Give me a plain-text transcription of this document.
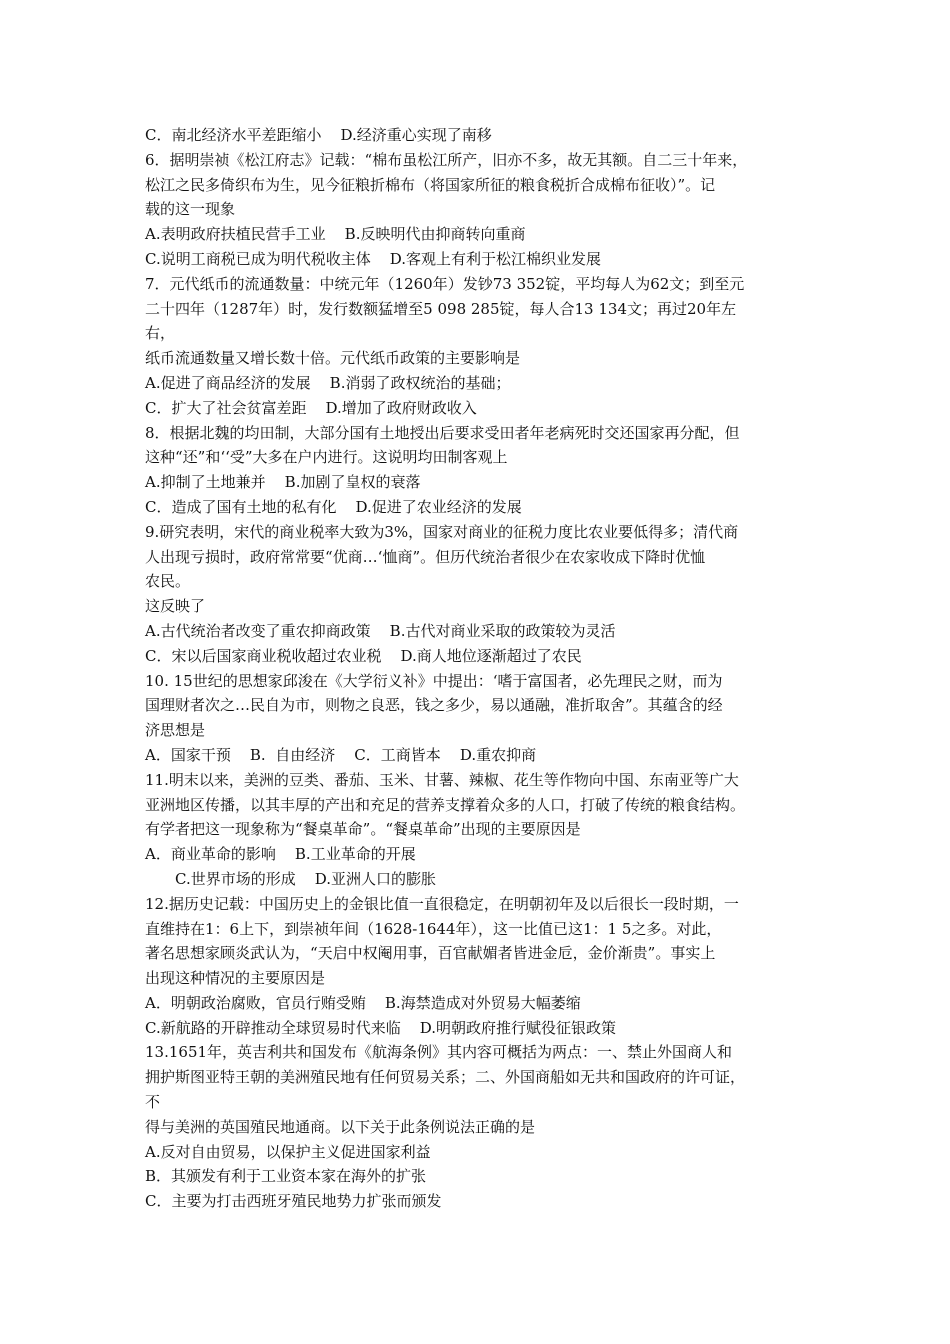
C．南北经济水平差距缩小    D.经济重心实现了南移
6．据明崇祯《松江府志》记载：“棉布虽松江所产，旧亦不多，故无其额。自二三十年来，
松江之民多倚织布为生，见今征粮折棉布（将国家所征的粮食税折合成棉布征收）”。记
载的这一现象
A.表明政府扶植民营手工业    B.反映明代由抑商转向重商
C.说明工商税已成为明代税收主体    D.客观上有利于松江棉织业发展
7．元代纸币的流通数量：中统元年（1260年）发钞73 352锭，平均每人为62文；到至元
二十四年（1287年）时，发行数额猛增至5 098 285锭，每人合13 134文；再过20年左
右，
纸币流通数量又增长数十倍。元代纸币政策的主要影响是
A.促进了商品经济的发展    B.消弱了政权统治的基础；
C．扩大了社会贫富差距    D.增加了政府财政收入
8．根据北魏的均田制，大部分国有土地授出后要求受田者年老病死时交还国家再分配，但
这种“还”和‘‘受”大多在户内进行。这说明均田制客观上
A.抑制了土地兼并    B.加剧了皇权的衰落
C．造成了国有土地的私有化    D.促进了农业经济的发展
9.研究表明，宋代的商业税率大致为3%，国家对商业的征税力度比农业要低得多；清代商
人出现亏损时，政府常常要“优商…‘恤商”。但历代统治者很少在农家收成下降时优恤
农民。
这反映了
A.古代统治者改变了重农抑商政策    B.古代对商业采取的政策较为灵活
C．宋以后国家商业税收超过农业税    D.商人地位逐渐超过了农民
10. 15世纪的思想家邱浚在《大学衍义补》中提出：‘嗜于富国者，必先理民之财，而为
国理财者次之…民自为市，则物之良恶，钱之多少，易以通融，准折取舍”。其蕴含的经
济思想是
A．国家干预    B.  自由经济    C．工商皆本    D.重农抑商
11.明末以来，美洲的豆类、番茄、玉米、甘薯、辣椒、花生等作物向中国、东南亚等广大
亚洲地区传播，以其丰厚的产出和充足的营养支撑着众多的人口，打破了传统的粮食结构。
有学者把这一现象称为“餐桌革命”。“餐桌革命”出现的主要原因是
A．商业革命的影响    B.工业革命的开展
C.世界市场的形成    D.亚洲人口的膨胀
12.据历史记载：中国历史上的金银比值一直很稳定，在明朝初年及以后很长一段时期，一
直维持在1：6上下，到崇祯年间（1628-1644年），这一比值已这1：1 5之多。对此，
著名思想家顾炎武认为，“天启中权阉用事，百官献媚者皆进金卮，金价渐贵”。事实上
出现这种情况的主要原因是
A．明朝政治腐败，官员行贿受贿    B.海禁造成对外贸易大幅萎缩
C.新航路的开辟推动全球贸易时代来临    D.明朝政府推行赋役征银政策
13.1651年，英吉利共和国发布《航海条例》其内容可概括为两点：一、禁止外国商人和
拥护斯图亚特王朝的美洲殖民地有任何贸易关系；二、外国商船如无共和国政府的许可证，
不
得与美洲的英国殖民地通商。以下关于此条例说法正确的是
A.反对自由贸易，以保护主义促进国家利益
B．其颁发有利于工业资本家在海外的扩张
C．主要为打击西班牙殖民地势力扩张而颁发
